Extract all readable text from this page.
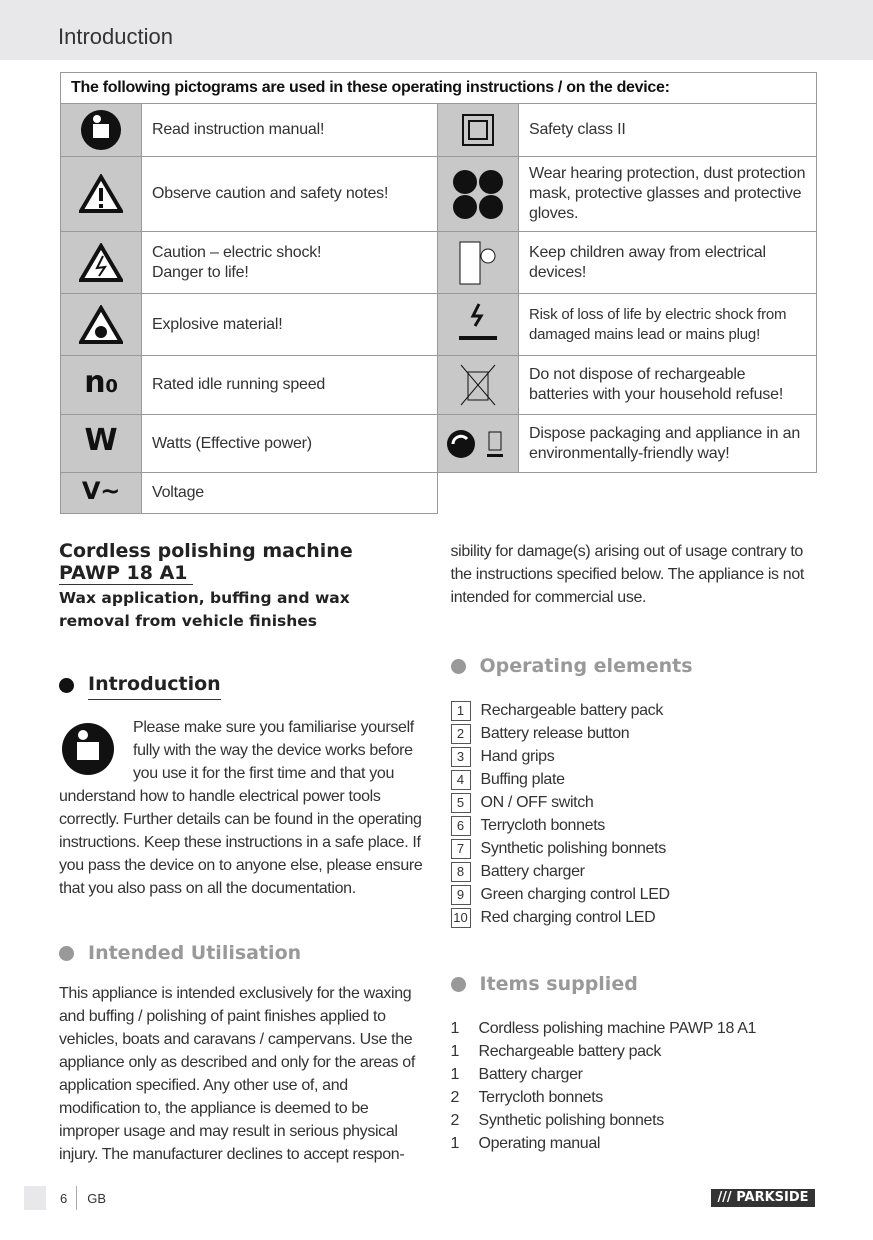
Introduction
The following pictograms are used in these operating instructions / on the device:			

	Read instruction manual!		Safety class II

	Observe caution and safety notes!		Wear hearing protection, dust protection mask, protective glasses and protective gloves.

	Caution – electric shock!
Danger to life!		Keep children away from electrical devices!

	Explosive material!		Risk of loss of life by electric shock from damaged mains lead or mains plug!
n0	Rated idle running speed		Do not dispose of rechargeable batteries with your household refuse!
W	Watts (Effective power)		Dispose packaging and appliance in an environmentally-friendly way!
V~	Voltage		
Cordless polishing machine
PAWP 18 A1
Wax application, buffing and wax removal from vehicle finishes
Introduction
Please make sure you familiarise yourself fully with the way the device works before you use it for the first time and that you understand how to handle electrical power tools correctly. Further details can be found in the operating instructions. Keep these instructions in a safe place. If you pass the device on to anyone else, please ensure that you also pass on all the documentation.
Intended Utilisation
This appliance is intended exclusively for the waxing and buffing / polishing of paint finishes applied to vehicles, boats and caravans / campervans. Use the appliance only as described and only for the areas of application specified. Any other use of, and modification to, the appliance is deemed to be improper usage and may result in serious physical injury. The manufacturer declines to accept respon-
sibility for damage(s) arising out of usage contrary to the instructions specified below. The appliance is not intended for commercial use.
Operating elements
1 Rechargeable battery pack
2 Battery release button
3 Hand grips
4 Buffing plate
5 ON / OFF switch
6 Terrycloth bonnets
7 Synthetic polishing bonnets
8 Battery charger
9 Green charging control LED
10 Red charging control LED
Items supplied
1 Cordless polishing machine PAWP 18 A1
1 Rechargeable battery pack
1 Battery charger
2 Terrycloth bonnets
2 Synthetic polishing bonnets
1 Operating manual
6 GB	/// PARKSIDE
